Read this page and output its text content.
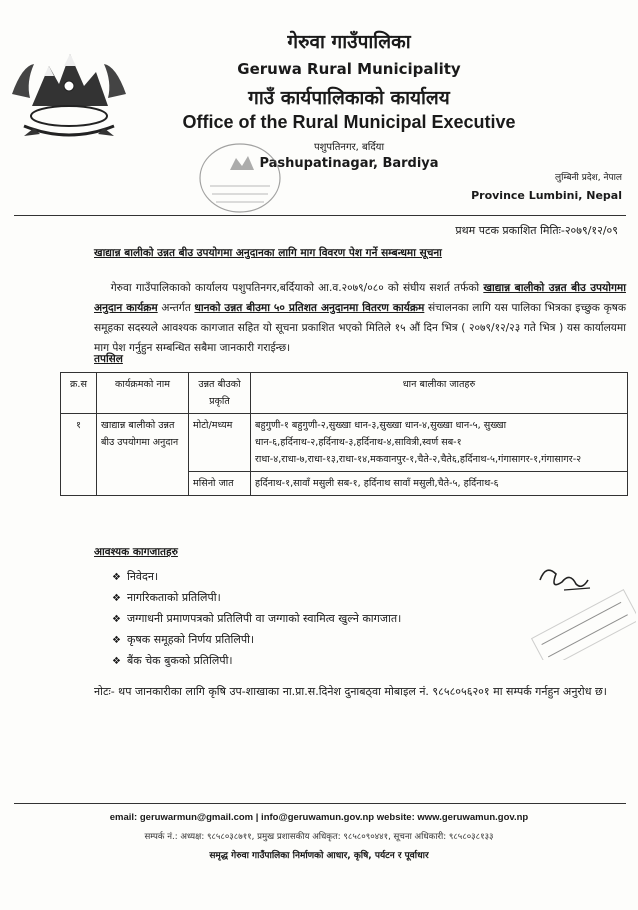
गेरुवा गाउँपालिका
Geruwa Rural Municipality
गाउँ कार्यपालिकाको कार्यालय
Office of the Rural Municipal Executive
पशुपतिनगर, बर्दिया
Pashupatinagar, Bardiya
लुम्बिनी प्रदेश, नेपाल
Province Lumbini, Nepal
प्रथम पटक प्रकाशित मितिः-२०७९/१२/०९
खाद्यान्न बालीको उन्नत बीउ उपयोगमा अनुदानका लागि माग विवरण पेश गर्ने सम्बन्धमा सूचना
गेरुवा गाउँपालिकाको कार्यालय पशुपतिनगर,बर्दियाको आ.व.२०७९/०८० को संघीय सशर्त तर्फको खाद्यान्न बालीको उन्नत बीउ उपयोगमा अनुदान कार्यक्रम अन्तर्गत धानको उन्नत बीउमा ५० प्रतिशत अनुदानमा वितरण कार्यक्रम संचालनका लागि यस पालिका भित्रका इच्छुक कृषक समूहका सदस्यले आवश्यक कागजात सहित यो सूचना प्रकाशित भएको मितिले १५ औं दिन भित्र ( २०७९/१२/२३ गते भित्र ) यस कार्यालयमा माग पेश गर्नुहुन सम्बन्धित सबैमा जानकारी गराईन्छ।
तपसिल
क्र.स	कार्यक्रमको नाम	उन्नत बीउको प्रकृति	धान बालीका जातहरु
१	खाद्यान्न बालीको उन्नत बीउ उपयोगमा अनुदान	मोटो/मध्यम	बहुगुणी-१ बहुगुणी-२,सुख्खा धान-३,सुख्खा धान-४,सुख्खा धान-५, सुख्खा धान-६,हर्दिनाथ-२,हर्दिनाथ-३,हर्दिनाथ-४,सावित्री,स्वर्ण सब-१ राधा-४,राधा-७,राधा-१३,राधा-१४,मकवानपुर-१,चैते-२,चैते६,हर्दिनाथ-५,गंगासागर-१,गंगासागर-२
		मसिनो जात	हर्दिनाथ-१,सावाँ मसुली सब-१, हर्दिनाथ सावाँ मसुली,चैते-५, हर्दिनाथ-६
आवश्यक कागजातहरु
❖ निवेदन।
❖ नागरिकताको प्रतिलिपी।
❖ जग्गाधनी प्रमाणपत्रको प्रतिलिपी वा जग्गाको स्वामित्व खुल्ने कागजात।
❖ कृषक समूहको निर्णय प्रतिलिपी।
❖ बैंक चेक बुकको प्रतिलिपी।
नोटः- थप जानकारीका लागि कृषि उप-शाखाका ना.प्रा.स.दिनेश दुनाबठ्वा मोबाइल नं. ९८५८०५६२०१ मा सम्पर्क गर्नहुन अनुरोध छ।
email: geruwarmun@gmail.com | info@geruwamun.gov.np website: www.geruwamun.gov.np
सम्पर्क नं.: अध्यक्ष: ९८५८०३८७११, प्रमुख प्रशासकीय अधिकृत: ९८५८०९०४४१, सूचना अधिकारी: ९८५८०३८१३३
समृद्ध गेरुवा गाउँपालिका निर्माणको आधार, कृषि, पर्यटन र पूर्वाधार
